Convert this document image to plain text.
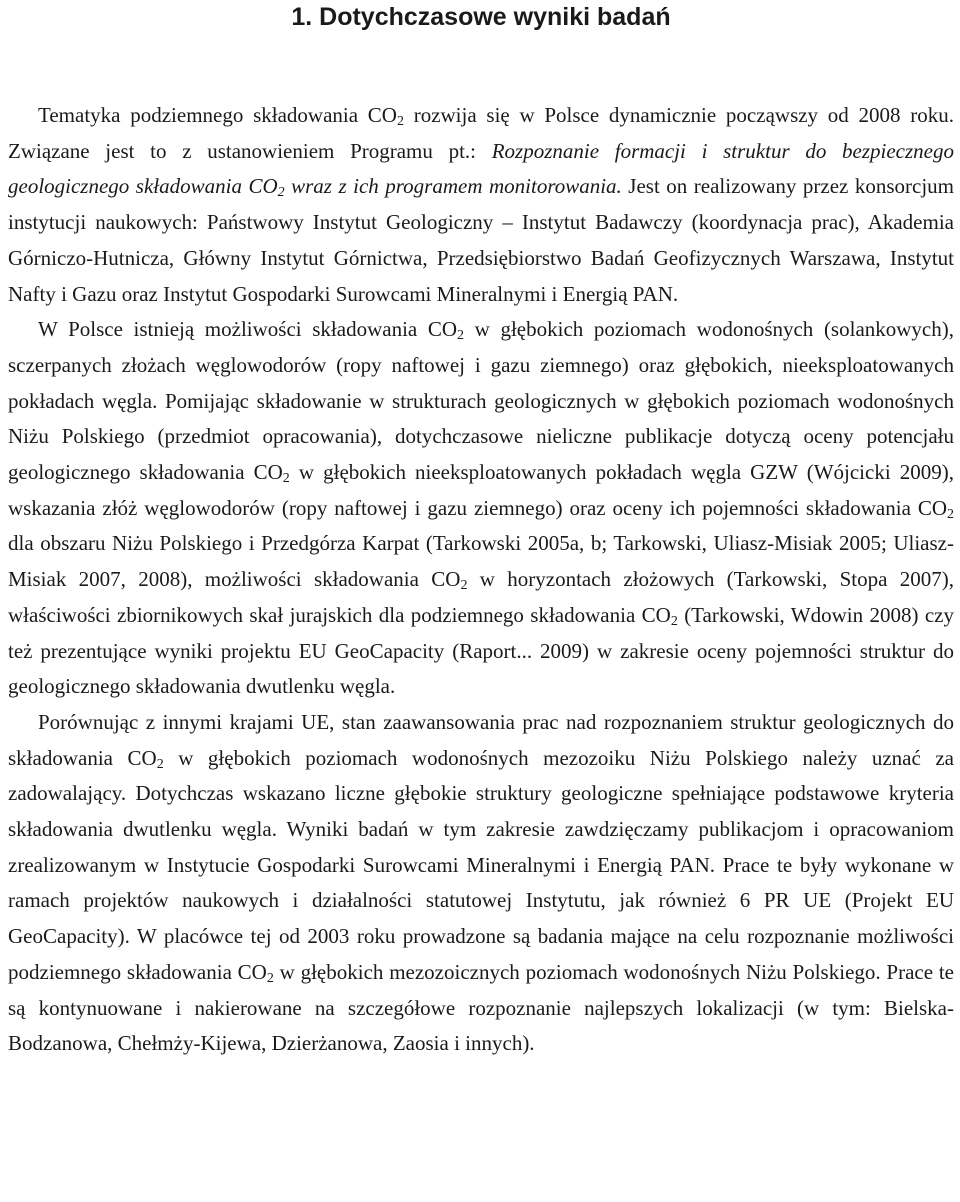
1. Dotychczasowe wyniki badań

Tematyka podziemnego składowania $CO_2$ rozwija się w Polsce dynamicznie począwszy od 2008 roku. Związane jest to z ustanowieniem Programu pt.: Rozpoznanie formacji i struktur do bezpiecznego geologicznego składowania $CO_2$ wraz z ich programem monitorowania. Jest on realizowany przez konsorcjum instytucji naukowych: Państwowy Instytut Geologiczny – Instytut Badawczy (koordynacja prac), Akademia Górniczo-Hutnicza, Główny Instytut Górnictwa, Przedsiębiorstwo Badań Geofizycznych Warszawa, Instytut Nafty i Gazu oraz Instytut Gospodarki Surowcami Mineralnymi i Energią PAN.

W Polsce istnieją możliwości składowania $CO_2$ w głębokich poziomach wodonośnych (solankowych), sczerpanych złożach węglowodorów (ropy naftowej i gazu ziemnego) oraz głębokich, nieeksploatowanych pokładach węgla. Pomijając składowanie w strukturach geologicznych w głębokich poziomach wodonośnych Niżu Polskiego (przedmiot opracowania), dotychczasowe nieliczne publikacje dotyczą oceny potencjału geologicznego składowania $CO_2$ w głębokich nieeksploatowanych pokładach węgla GZW (Wójcicki 2009), wskazania złóż węglowodorów (ropy naftowej i gazu ziemnego) oraz oceny ich pojemności składowania $CO_2$ dla obszaru Niżu Polskiego i Przedgórza Karpat (Tarkowski 2005a, b; Tarkowski, Uliasz-Misiak 2005; Uliasz-Misiak 2007, 2008), możliwości składowania $CO_2$ w horyzontach złożowych (Tarkowski, Stopa 2007), właściwości zbiornikowych skał jurajskich dla podziemnego składowania $CO_2$ (Tarkowski, Wdowin 2008) czy też prezentujące wyniki projektu EU GeoCapacity (Raport... 2009) w zakresie oceny pojemności struktur do geologicznego składowania dwutlenku węgla.

Porównując z innymi krajami UE, stan zaawansowania prac nad rozpoznaniem struktur geologicznych do składowania $CO_2$ w głębokich poziomach wodonośnych mezozoiku Niżu Polskiego należy uznać za zadowalający. Dotychczas wskazano liczne głębokie struktury geologiczne spełniające podstawowe kryteria składowania dwutlenku węgla. Wyniki badań w tym zakresie zawdzięczamy publikacjom i opracowaniom zrealizowanym w Instytucie Gospodarki Surowcami Mineralnymi i Energią PAN. Prace te były wykonane w ramach projektów naukowych i działalności statutowej Instytutu, jak również 6 PR UE (Projekt EU GeoCapacity). W placówce tej od 2003 roku prowadzone są badania mające na celu rozpoznanie możliwości podziemnego składowania $CO_2$ w głębokich mezozoicznych poziomach wodonośnych Niżu Polskiego. Prace te są kontynuowane i nakierowane na szczegółowe rozpoznanie najlepszych lokalizacji (w tym: Bielska-Bodzanowa, Chełmży-Kijewa, Dzierżanowa, Zaosia i innych).
